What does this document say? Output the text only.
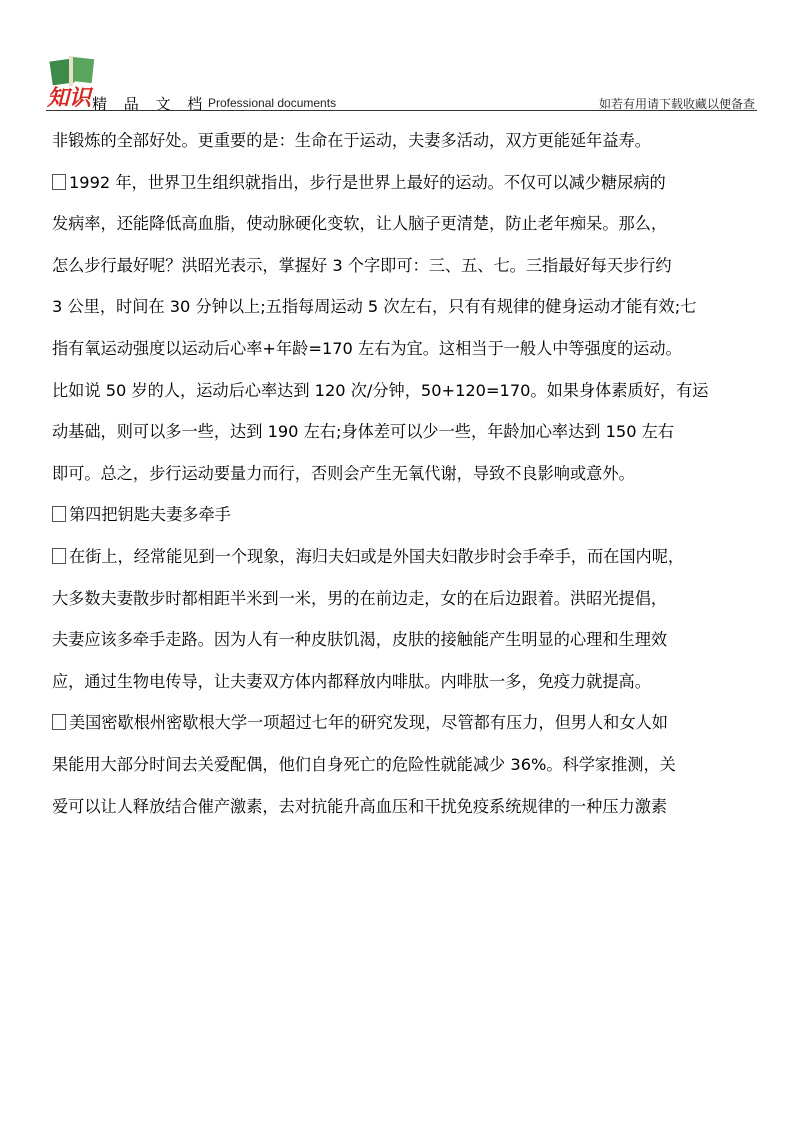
知识 精 品 文 档 Professional documents	如若有用请下载收藏以便备查
非锻炼的全部好处。更重要的是：生命在于运动，夫妻多活动，双方更能延年益寿。
1992 年，世界卫生组织就指出，步行是世界上最好的运动。不仅可以减少糖尿病的
发病率，还能降低高血脂，使动脉硬化变软，让人脑子更清楚，防止老年痴呆。那么，
怎么步行最好呢？洪昭光表示，掌握好 3 个字即可：三、五、七。三指最好每天步行约
3 公里，时间在 30 分钟以上;五指每周运动 5 次左右，只有有规律的健身运动才能有效;七
指有氧运动强度以运动后心率+年龄=170 左右为宜。这相当于一般人中等强度的运动。
比如说 50 岁的人，运动后心率达到 120 次/分钟，50+120=170。如果身体素质好，有运
动基础，则可以多一些，达到 190 左右;身体差可以少一些，年龄加心率达到 150 左右
即可。总之，步行运动要量力而行，否则会产生无氧代谢，导致不良影响或意外。
第四把钥匙夫妻多牵手
在街上，经常能见到一个现象，海归夫妇或是外国夫妇散步时会手牵手，而在国内呢，
大多数夫妻散步时都相距半米到一米，男的在前边走，女的在后边跟着。洪昭光提倡，
夫妻应该多牵手走路。因为人有一种皮肤饥渴，皮肤的接触能产生明显的心理和生理效
应，通过生物电传导，让夫妻双方体内都释放内啡肽。内啡肽一多，免疫力就提高。
美国密歇根州密歇根大学一项超过七年的研究发现，尽管都有压力，但男人和女人如
果能用大部分时间去关爱配偶，他们自身死亡的危险性就能减少 36%。科学家推测，关
爱可以让人释放结合催产激素，去对抗能升高血压和干扰免疫系统规律的一种压力激素
